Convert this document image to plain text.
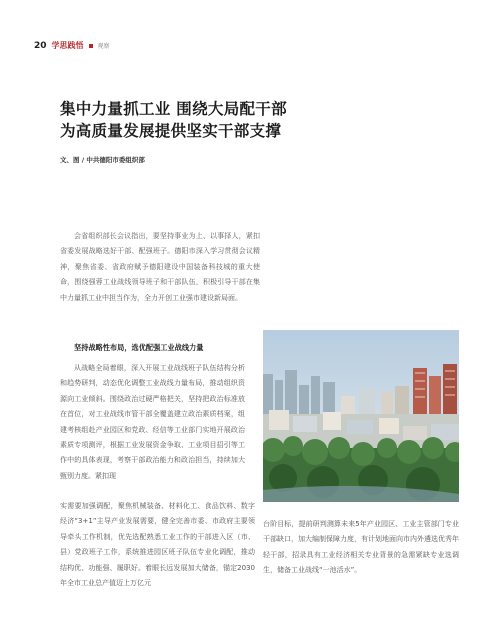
20 学思践悟 观察
集中力量抓工业 围绕大局配干部
为高质量发展提供坚实干部支撑
文、图 / 中共德阳市委组织部

会省组织部长会议指出，要坚持事业为上、以事择人，紧扣省委发展战略选好干部、配强班子。德阳市深入学习贯彻会议精神，聚焦省委、省政府赋予德阳建设中国装备科技城的重大使命，围绕强蓉工业战线领导班子和干部队伍，积极引导干部在集中力量抓工业中担当作为，全力开创工业强市建设新局面。

坚持战略性布局，选优配强工业战线力量

从战略全局着眼，深入开展工业战线班子队伍结构分析和趋势研判，动态优化调整工业战线力量布局，推动组织资源向工业倾斜。围绕政治过硬严格把关，坚持把政治标准放在首位，对工业战线市管干部全覆盖建立政治素质档案，组建考核组赴产业园区和党政、经信等工业部门实地开展政治素质专项测评，根据工业发展资金争取、工业项目招引等工作中的具体表现，考察干部政治能力和政治担当，持续加大甄别力度。紧扣现

实需要加强调配，聚焦机械装备、材料化工、食品饮料、数字经济“3+1”主导产业发展需要，健全完善市委、市政府主要领导牵头工作机制，优先选配熟悉工业工作的干部进入区（市、县）党政班子工作，系统推进园区班子队伍专业化调配，推动结构优、功能强、履职好。着眼长远发展加大储备，锚定2030年全市工业总产值迈上万亿元

台阶目标，提前研判测算未来5年产业园区、工业主管部门专业干部缺口，加大编制保障力度，有计划地面向市内外遴选优秀年轻干部，招录具有工业经济相关专业背景的急需紧缺专业选调生，储备工业战线“一池活水”。
